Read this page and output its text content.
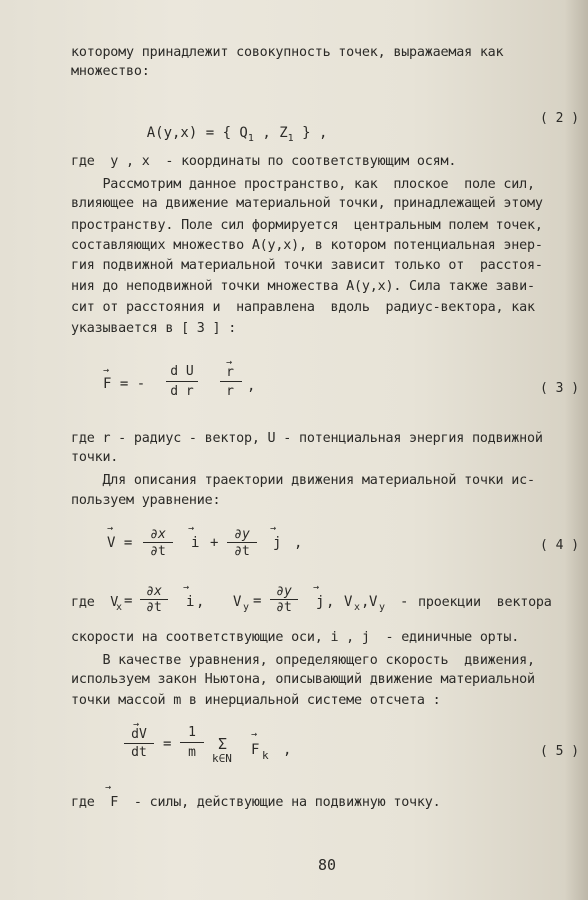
которому принадлежит совокупность точек, выражаемая как
множество:

A(y,x) = { $Q_1$ , $Z_1$ } ,

( 2 )
где  y , x  - координаты по соответствующим осям.
Рассмотрим данное пространство, как  плоское  поле сил,
влияющее на движение материальной точки, принадлежащей этому
пространству. Поле сил формируется  центральным полем точек,
составляющих множество A(y,x), в котором потенциальная энер-
гия подвижной материальной точки зависит только от  расстоя-
ния до неподвижной точки множества A(y,x). Сила также зави-
сит от расстояния и  направлена  вдоль  радиус-вектора, как
указывается в [ 3 ] :
→
F = -
d U
d r
→
r
r ,	( 3 )
где r - радиус - вектор, U - потенциальная энергия подвижной
точки.
Для описания траектории движения материальной точки ис-
пользуем уравнение:
→
V =
∂x
∂t
→
i +
∂y
∂t
→
j ,	( 4 )
где  V
x =
∂x
∂t
→
i , V y =
∂y
∂t
→
j , V x , V y - проекции  вектора
скорости на соответствующие оси, i , j  - единичные орты.
В качестве уравнения, определяющего скорость  движения,
используем закон Ньютона, описывающий движение материальной
точки массой m в инерциальной системе отсчета :
→
dV
dt
=
1
m	Σ
k∈N
→
F k ,	( 5 )
→
где  F  - силы, действующие на подвижную точку.
80
